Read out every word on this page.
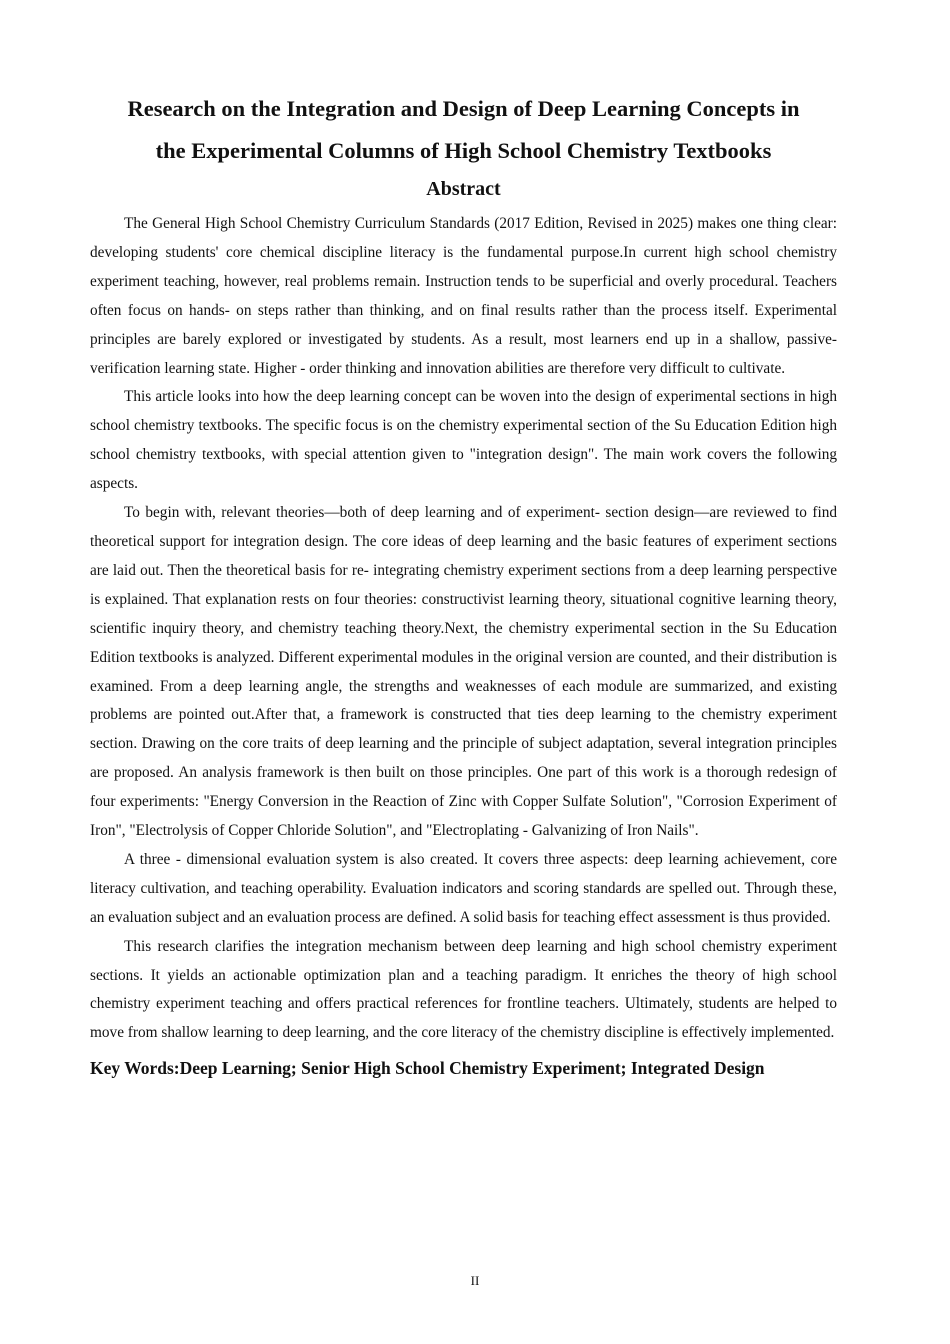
Research on the Integration and Design of Deep Learning Concepts in
the Experimental Columns of High School Chemistry Textbooks
Abstract

The General High School Chemistry Curriculum Standards (2017 Edition, Revised in 2025) makes one thing clear: developing students' core chemical discipline literacy is the fundamental purpose.In current high school chemistry experiment teaching, however, real problems remain. Instruction tends to be superficial and overly procedural. Teachers often focus on hands‐ on steps rather than thinking, and on final results rather than the process itself. Experimental principles are barely explored or investigated by students. As a result, most learners end up in a shallow, passive‐ verification learning state. Higher - order thinking and innovation abilities are therefore very difficult to cultivate.

This article looks into how the deep learning concept can be woven into the design of experimental sections in high school chemistry textbooks. The specific focus is on the chemistry experimental section of the Su Education Edition high school chemistry textbooks, with special attention given to "integration design". The main work covers the following aspects.

To begin with, relevant theories—both of deep learning and of experiment‐ section design—are reviewed to find theoretical support for integration design. The core ideas of deep learning and the basic features of experiment sections are laid out. Then the theoretical basis for re‐ integrating chemistry experiment sections from a deep learning perspective is explained. That explanation rests on four theories: constructivist learning theory, situational cognitive learning theory, scientific inquiry theory, and chemistry teaching theory.Next, the chemistry experimental section in the Su Education Edition textbooks is analyzed. Different experimental modules in the original version are counted, and their distribution is examined. From a deep learning angle, the strengths and weaknesses of each module are summarized, and existing problems are pointed out.After that, a framework is constructed that ties deep learning to the chemistry experiment section. Drawing on the core traits of deep learning and the principle of subject adaptation, several integration principles are proposed. An analysis framework is then built on those principles. One part of this work is a thorough redesign of four experiments: "Energy Conversion in the Reaction of Zinc with Copper Sulfate Solution", "Corrosion Experiment of Iron", "Electrolysis of Copper Chloride Solution", and "Electroplating - Galvanizing of Iron Nails".

A three - dimensional evaluation system is also created. It covers three aspects: deep learning achievement, core literacy cultivation, and teaching operability. Evaluation indicators and scoring standards are spelled out. Through these, an evaluation subject and an evaluation process are defined. A solid basis for teaching effect assessment is thus provided.

This research clarifies the integration mechanism between deep learning and high school chemistry experiment sections. It yields an actionable optimization plan and a teaching paradigm. It enriches the theory of high school chemistry experiment teaching and offers practical references for frontline teachers. Ultimately, students are helped to move from shallow learning to deep learning, and the core literacy of the chemistry discipline is effectively implemented.

Key Words:Deep Learning; Senior High School Chemistry Experiment; Integrated Design

II
